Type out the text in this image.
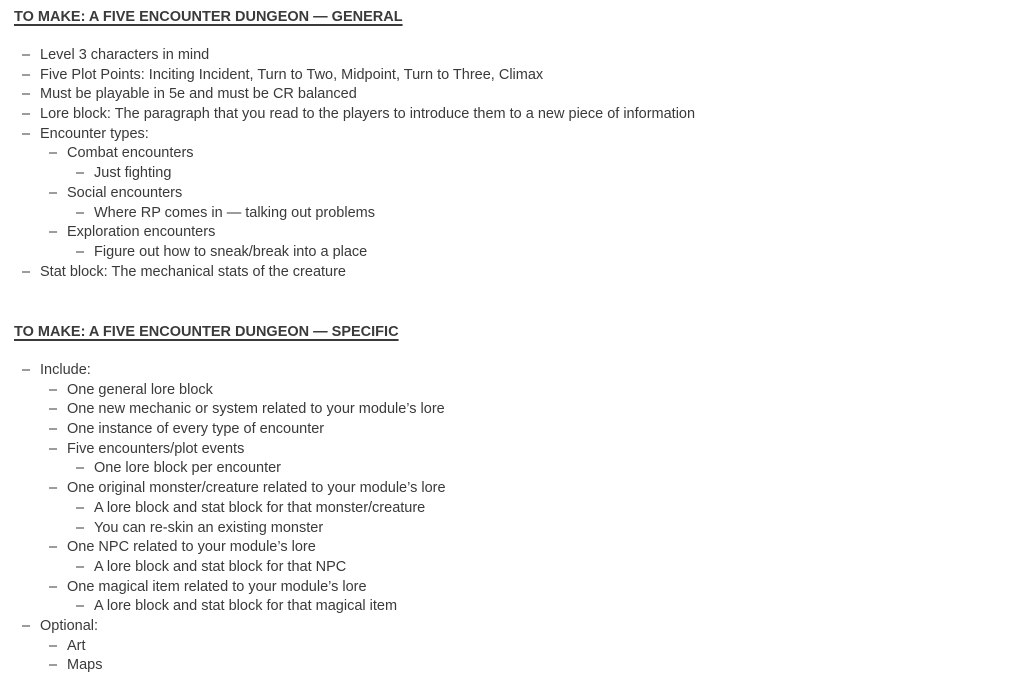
TO MAKE: A FIVE ENCOUNTER DUNGEON — GENERAL
– Level 3 characters in mind
– Five Plot Points: Inciting Incident, Turn to Two, Midpoint, Turn to Three, Climax
– Must be playable in 5e and must be CR balanced
– Lore block: The paragraph that you read to the players to introduce them to a new piece of information
– Encounter types:
– Combat encounters
– Just fighting
– Social encounters
– Where RP comes in — talking out problems
– Exploration encounters
– Figure out how to sneak/break into a place
– Stat block: The mechanical stats of the creature
TO MAKE: A FIVE ENCOUNTER DUNGEON — SPECIFIC
– Include:
– One general lore block
– One new mechanic or system related to your module’s lore
– One instance of every type of encounter
– Five encounters/plot events
– One lore block per encounter
– One original monster/creature related to your module’s lore
– A lore block and stat block for that monster/creature
– You can re-skin an existing monster
– One NPC related to your module’s lore
– A lore block and stat block for that NPC
– One magical item related to your module’s lore
– A lore block and stat block for that magical item
– Optional:
– Art
– Maps
